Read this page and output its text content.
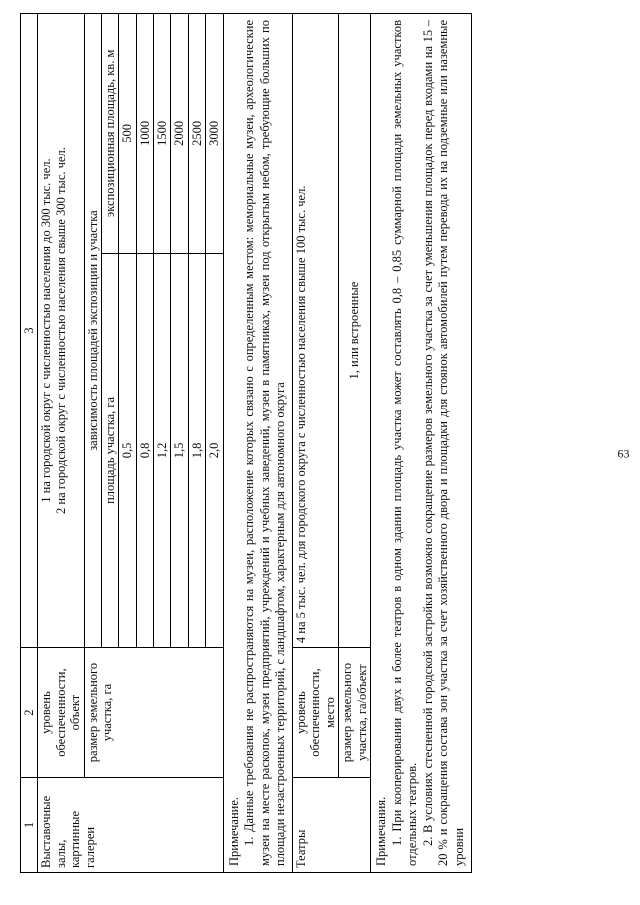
63
1	2	3	
Выставочные залы, картинные галереи	уровень обеспеченности, объект	1 на городской округ с численностью населения до 300 тыс. чел. 2 на городской округ с численностью населения свыше 300 тыс. чел.	

	размер земельного участка, га	зависимость площадей экспозиции и участка	
		площадь участка, га	экспозиционная площадь, кв. м
		0,5	500
		0,8	1000
		1,2	1500
		1,5	2000
		1,8	2500
		2,0	3000

Примечание. 1. Данные требования не распространяются на музеи, расположение которых связано с определенным местом: мемориальные музеи, археологические музеи на месте раскопок, музеи предприятий, учреждений и учебных заведений, музеи в памятниках, музеи под открытым небом, требующие больших по площади незастроенных территорий, с ландшафтом, характерным для автономного округа			

Театры	уровень обеспеченности, место	4 на 5 тыс. чел. для городского округа с численностью населения свыше 100 тыс. чел.	
	размер земельного участка, га/объект	1, или встроенные	

Примечания. 1. При кооперировании двух и более театров в одном здании площадь участка может составлять 0,8 – 0,85 суммарной площади земельных участков отдельных театров. 2. В условиях стесненной городской застройки возможно сокращение размеров земельного участка за счет уменьшения площадок перед входами на 15 – 20 % и сокращения состава зон участка за счет хозяйственного двора и площадки для стоянок автомобилей путем перевода их на подземные или наземные уровни			
